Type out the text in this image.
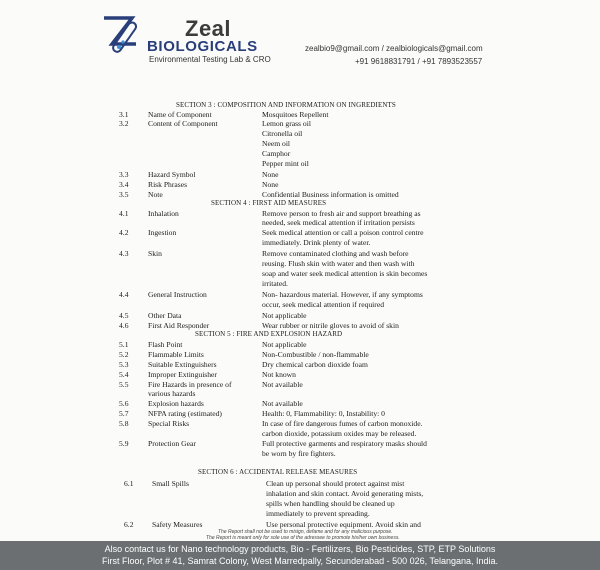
Zeal
BIOLOGICALS
Environmental Testing Lab & CRO
zealbio9@gmail.com / zealbiologicals@gmail.com
+91 9618831791 / +91 7893523557
SECTION 3 : COMPOSITION AND INFORMATION ON INGREDIENTS
3.1	Name of Component	Mosquitoes Repellent
3.2	Content of Component	Lemon grass oil
Citronella oil
Neem oil
Camphor
Pepper mint oil
3.3	Hazard Symbol	None
3.4	Risk Phrases	None
3.5	Note	Confidential Business information is omitted
SECTION 4 : FIRST AID MEASURES
4.1	Inhalation	Remove person to fresh air and support breathing as
needed, seek medical attention if irritation persists
4.2	Ingestion	Seek medical attention or call a poison control centre
immediately. Drink plenty of water.
4.3	Skin	Remove contaminated clothing and wash before
reusing. Flush skin with water and then wash with
soap and water seek medical attention is skin becomes
irritated.
4.4	General Instruction	Non- hazardous material. However, if any symptoms
occur, seek medical attention if required
4.5	Other Data	Not applicable
4.6	First Aid Responder	Wear rubber or nitrile gloves to avoid of skin
SECTION 5 : FIRE AND EXPLOSION HAZARD
5.1	Flash Point	Not applicable
5.2	Flammable Limits	Non-Combustible / non-flammable
5.3	Suitable Extinguishers	Dry chemical carbon dioxide foam
5.4	Improper Extinguisher	Not known
5.5	Fire Hazards in presence of	Not available
various hazards
5.6	Explosion hazards	Not available
5.7	NFPA rating (estimated)	Health: 0, Flammability: 0, Instability: 0
5.8	Special Risks	In case of fire dangerous fumes of carbon monoxide.
carbon dioxide, potassium oxides may be released.
5.9	Protection Gear	Full protective garments and respiratory masks should
be worn by fire fighters.
SECTION 6 : ACCIDENTAL RELEASE MEASURES
6.1 Small Spills	Clean up personal should protect against mist
inhalation and skin contact. Avoid generating mists,
spills when handling should be cleaned up
immediately to prevent spreading.
6.2 Safety Measures	Use personal protective equipment. Avoid skin and
The Report shall not be used to misign, defame and for any malicious purpose.
The Report is meant only for sole use of the adressee to promote his/her own business.
Also contact us for Nano technology products, Bio - Fertilizers, Bio Pesticides, STP, ETP Solutions
First Floor, Plot # 41, Samrat Colony, West Marredpally, Secunderabad - 500 026, Telangana, India.
